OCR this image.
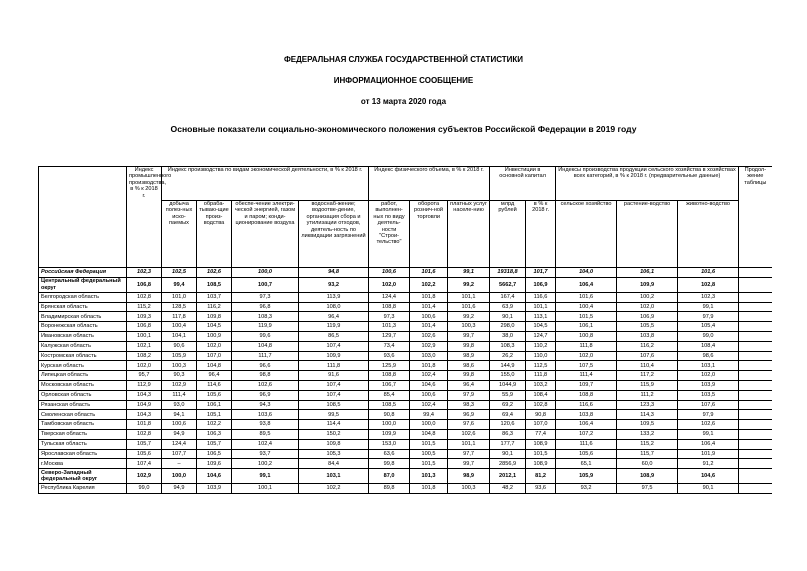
ФЕДЕРАЛЬНАЯ СЛУЖБА ГОСУДАРСТВЕННОЙ СТАТИСТИКИ
ИНФОРМАЦИОННОЕ СООБЩЕНИЕ
от 13 марта 2020 года
Основные показатели социально-экономического положения субъектов Российской Федерации в 2019 году
	Индекс промышленного производства, в % к 2018 г.	Индекс производства по видам экономической деятельности, в % к 2018 г.				Индекс физического объема, в % к 2018 г.			Инвестиции в основной капитал		Индексы производства продукции сельского хозяйства в хозяйствах всех категорий, в % к 2018 г. (предварительные данные)			Продол-жение таблицы
		добыча полез-ных иско-паемых	обраба-тываю-щие произ-водства	обеспе-чение электри-ческой энергией, газом и паром; конди-ционирование воздуха	водоснаб-жение; водоотве-дение, организация сбора и утилизации отходов, деятель-ность по ликвидации загрязнений	работ, выполнен-ных по виду деятель-ности "Строи-тельство"	оборота рознич-ной торговли	платных услуг населе-нию	млрд рублей	в % к 2018 г.	сельское хозяйство	растение-водство	животно-водство	
Российская Федерация	102,3	102,5	102,6	100,0	94,8	100,6	101,6	99,1	19318,8	101,7	104,0	106,1	101,6	
Центральный федеральный округ	106,8	99,4	108,5	100,7	93,2	102,0	102,2	99,2	5662,7	106,9	106,4	109,9	102,8	
Белгородская область	102,8	101,0	103,7	97,3	113,9	124,4	101,8	101,1	167,4	116,6	101,6	100,2	102,3	
Брянская область	115,2	128,5	116,2	96,8	108,0	108,8	101,4	101,6	63,9	101,1	100,4	102,0	99,1	
Владимирская область	109,3	117,8	109,8	108,3	96,4	97,3	100,6	99,2	90,1	113,1	101,5	106,9	97,9	
Воронежская область	106,8	100,4	104,5	119,9	119,9	101,3	101,4	100,3	298,0	104,5	106,1	105,5	105,4	
Ивановская область	100,1	104,1	100,9	99,6	86,5	129,7	102,6	99,7	38,0	124,7	100,8	103,8	99,0	
Калужская область	102,1	90,6	102,0	104,8	107,4	73,4	102,9	99,8	108,3	110,2	111,8	116,2	108,4	
Костромская область	108,2	105,9	107,0	111,7	109,9	93,6	103,0	98,9	26,2	110,0	102,0	107,6	98,6	
Курская область	102,0	100,3	104,8	96,6	111,8	125,9	101,8	98,6	144,9	112,5	107,5	110,4	103,1	
Липецкая область	95,7	90,3	96,4	98,8	91,6	108,8	102,4	99,8	155,0	111,8	111,4	117,2	102,0	
Московская область	112,9	102,9	114,6	102,6	107,4	106,7	104,6	96,4	1044,9	103,2	109,7	115,9	103,9	
Орловская область	104,3	111,4	105,6	96,9	107,4	85,4	100,6	97,9	55,9	108,4	108,8	111,2	103,5	
Рязанская область	104,9	93,0	106,1	94,3	108,5	108,5	102,4	98,3	69,2	102,8	116,6	123,3	107,6	
Смоленская область	104,3	94,1	105,1	103,6	99,5	90,8	99,4	96,9	69,4	90,8	103,8	114,3	97,9	
Тамбовская область	101,8	100,6	102,2	93,8	114,4	100,0	100,0	97,6	120,6	107,0	106,4	109,5	102,6	
Тверская область	102,8	94,9	106,3	89,5	150,2	109,9	104,8	102,6	86,3	77,4	107,2	133,2	99,1	
Тульская область	105,7	124,4	105,7	102,4	109,8	153,0	101,5	101,1	177,7	108,9	111,6	115,2	106,4	
Ярославская область	105,6	107,7	106,5	93,7	105,3	63,6	100,5	97,7	90,1	101,5	105,6	115,7	101,9	
г.Москва	107,4	–	109,6	100,2	84,4	99,8	101,5	99,7	2856,9	108,9	65,1	60,0	91,2	
Северо-Западный федеральный округ	102,9	100,0	104,6	99,1	103,1	87,0	101,3	98,9	2012,1	81,2	105,9	108,9	104,6	
Республика Карелия	99,0	94,9	103,9	100,1	102,2	89,8	101,8	100,3	48,2	93,6	93,2	97,5	90,1	
